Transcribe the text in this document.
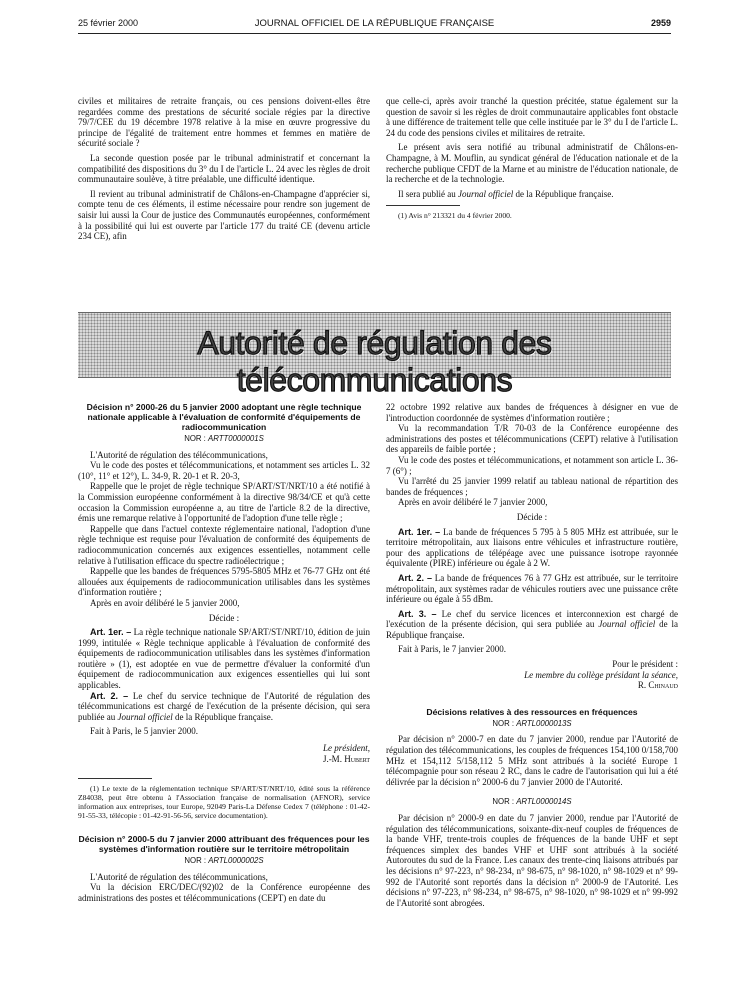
25 février 2000	JOURNAL OFFICIEL DE LA RÉPUBLIQUE FRANÇAISE	2959

civiles et militaires de retraite français, ou ces pensions doivent-elles être regardées comme des prestations de sécurité sociale régies par la directive 79/7/CEE du 19 décembre 1978 relative à la mise en œuvre progressive du principe de l'égalité de traitement entre hommes et femmes en matière de sécurité sociale ?

La seconde question posée par le tribunal administratif et concernant la compatibilité des dispositions du 3° du I de l'article L. 24 avec les règles de droit communautaire soulève, à titre préalable, une difficulté identique.

Il revient au tribunal administratif de Châlons-en-Champagne d'apprécier si, compte tenu de ces éléments, il estime nécessaire pour rendre son jugement de saisir lui aussi la Cour de justice des Communautés européennes, conformément à la possibilité qui lui est ouverte par l'article 177 du traité CE (devenu article 234 CE), afin

que celle-ci, après avoir tranché la question précitée, statue également sur la question de savoir si les règles de droit communautaire applicables font obstacle à une différence de traitement telle que celle instituée par le 3° du I de l'article L. 24 du code des pensions civiles et militaires de retraite.

Le présent avis sera notifié au tribunal administratif de Châlons-en-Champagne, à M. Mouflin, au syndicat général de l'éducation nationale et de la recherche publique CFDT de la Marne et au ministre de l'éducation nationale, de la recherche et de la technologie.

Il sera publié au Journal officiel de la République française.

(1) Avis n° 213321 du 4 février 2000.

Autorité de régulation des télécommunications
Décision n° 2000-26 du 5 janvier 2000 adoptant une règle technique nationale applicable à l'évaluation de conformité d'équipements de radiocommunication
NOR : ARTT0000001S

L'Autorité de régulation des télécommunications,

Vu le code des postes et télécommunications, et notamment ses articles L. 32 (10°, 11° et 12°), L. 34-9, R. 20-1 et R. 20-3,

Rappelle que le projet de règle technique SP/ART/ST/NRT/10 a été notifié à la Commission européenne conformément à la directive 98/34/CE et qu'à cette occasion la Commission européenne a, au titre de l'article 8.2 de la directive, émis une remarque relative à l'opportunité de l'adoption d'une telle règle ;

Rappelle que dans l'actuel contexte réglementaire national, l'adoption d'une règle technique est requise pour l'évaluation de conformité des équipements de radiocommunication concernés aux exigences essentielles, notamment celle relative à l'utilisation efficace du spectre radioélectrique ;

Rappelle que les bandes de fréquences 5795-5805 MHz et 76-77 GHz ont été allouées aux équipements de radiocommunication utilisables dans les systèmes d'information routière ;

Après en avoir délibéré le 5 janvier 2000,

Décide :

Art. 1er. – La règle technique nationale SP/ART/ST/NRT/10, édition de juin 1999, intitulée « Règle technique applicable à l'évaluation de conformité des équipements de radiocommunication utilisables dans les systèmes d'information routière » (1), est adoptée en vue de permettre d'évaluer la conformité d'un équipement de radiocommunication aux exigences essentielles qui lui sont applicables.

Art. 2. – Le chef du service technique de l'Autorité de régulation des télécommunications est chargé de l'exécution de la présente décision, qui sera publiée au Journal officiel de la République française.

Fait à Paris, le 5 janvier 2000.

Le président,

J.-M. Hubert

(1) Le texte de la réglementation technique SP/ART/ST/NRT/10, édité sous la référence Z84038, peut être obtenu à l'Association française de normalisation (AFNOR), service information aux entreprises, tour Europe, 92049 Paris-La Défense Cedex 7 (téléphone : 01-42-91-55-33, télécopie : 01-42-91-56-56, service documentation).

Décision n° 2000-5 du 7 janvier 2000 attribuant des fréquences pour les systèmes d'information routière sur le territoire métropolitain
NOR : ARTL0000002S

L'Autorité de régulation des télécommunications,

Vu la décision ERC/DEC/(92)02 de la Conférence européenne des administrations des postes et télécommunications (CEPT) en date du

22 octobre 1992 relative aux bandes de fréquences à désigner en vue de l'introduction coordonnée de systèmes d'information routière ;

Vu la recommandation T/R 70-03 de la Conférence européenne des administrations des postes et télécommunications (CEPT) relative à l'utilisation des appareils de faible portée ;

Vu le code des postes et télécommunications, et notamment son article L. 36-7 (6°) ;

Vu l'arrêté du 25 janvier 1999 relatif au tableau national de répartition des bandes de fréquences ;

Après en avoir délibéré le 7 janvier 2000,

Décide :

Art. 1er. – La bande de fréquences 5 795 à 5 805 MHz est attribuée, sur le territoire métropolitain, aux liaisons entre véhicules et infrastructure routière, pour des applications de télépéage avec une puissance isotrope rayonnée équivalente (PIRE) inférieure ou égale à 2 W.

Art. 2. – La bande de fréquences 76 à 77 GHz est attribuée, sur le territoire métropolitain, aux systèmes radar de véhicules routiers avec une puissance crête inférieure ou égale à 55 dBm.

Art. 3. – Le chef du service licences et interconnexion est chargé de l'exécution de la présente décision, qui sera publiée au Journal officiel de la République française.

Fait à Paris, le 7 janvier 2000.

Pour le président :

Le membre du collège présidant la séance,

R. Chinaud

Décisions relatives à des ressources en fréquences
NOR : ARTL0000013S

Par décision n° 2000-7 en date du 7 janvier 2000, rendue par l'Autorité de régulation des télécommunications, les couples de fréquences 154,100 0/158,700 MHz et 154,112 5/158,112 5 MHz sont attribués à la société Europe 1 télécompagnie pour son réseau 2 RC, dans le cadre de l'autorisation qui lui a été délivrée par la décision n° 2000-6 du 7 janvier 2000 de l'Autorité.

NOR : ARTL0000014S

Par décision n° 2000-9 en date du 7 janvier 2000, rendue par l'Autorité de régulation des télécommunications, soixante-dix-neuf couples de fréquences de la bande VHF, trente-trois couples de fréquences de la bande UHF et sept fréquences simplex des bandes VHF et UHF sont attribués à la société Autoroutes du sud de la France. Les canaux des trente-cinq liaisons attribués par les décisions n° 97-223, n° 98-234, n° 98-675, n° 98-1020, n° 98-1029 et n° 99-992 de l'Autorité sont reportés dans la décision n° 2000-9 de l'Autorité. Les décisions n° 97-223, n° 98-234, n° 98-675, n° 98-1020, n° 98-1029 et n° 99-992 de l'Autorité sont abrogées.
